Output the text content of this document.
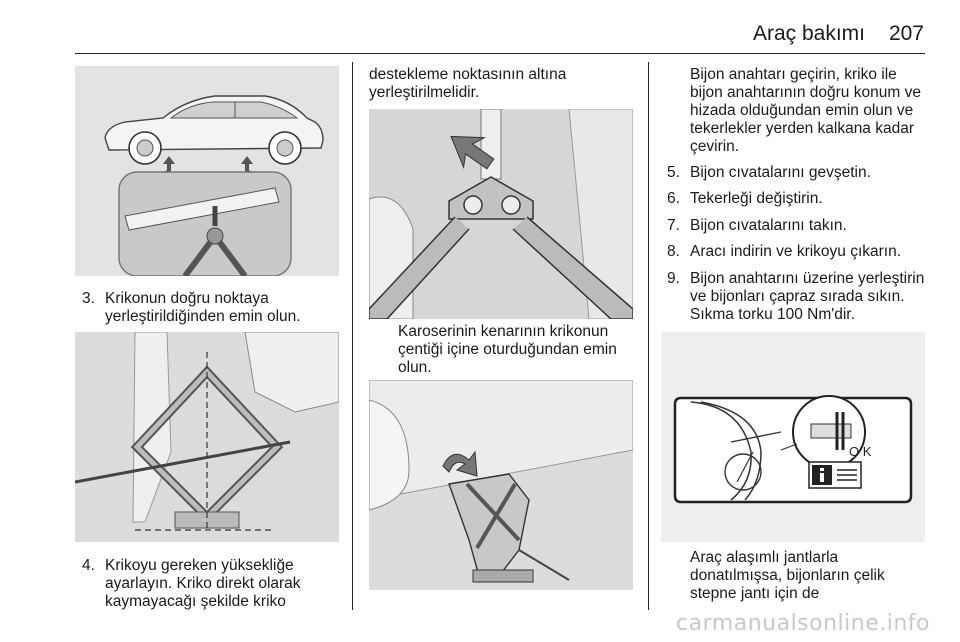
Araç bakımı 207
3. Krikonun doğru noktaya yerleştirildiğinden emin olun.
4. Krikoyu gereken yüksekliğe ayarlayın. Kriko direkt olarak kaymayacağı şekilde kriko
destekleme noktasının altına yerleştirilmelidir.
Karoserinin kenarının krikonun çentiği içine oturduğundan emin olun.
Bijon anahtarı geçirin, kriko ile bijon anahtarının doğru konum ve hizada olduğundan emin olun ve tekerlekler yerden kalkana kadar çevirin.
5. Bijon cıvatalarını gevşetin.
6. Tekerleği değiştirin.
7. Bijon cıvatalarını takın.
8. Aracı indirin ve krikoyu çıkarın.
9. Bijon anahtarını üzerine yerleştirin ve bijonları çapraz sırada sıkın. Sıkma torku 100 Nm'dir.
O K
Araç alaşımlı jantlarla donatılmışsa, bijonların çelik stepne jantı için de
carmanualsonline.info
